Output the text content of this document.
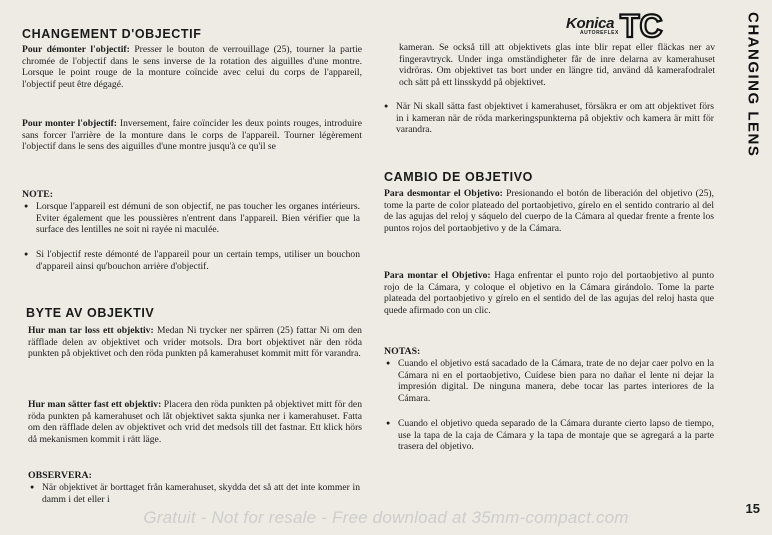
CHANGEMENT D'OBJECTIF

Pour démonter l'objectif: Presser le bouton de verrouillage (25), tourner la partie chromée de l'objectif dans le sens inverse de la rotation des aiguilles d'une montre. Lorsque le point rouge de la monture coïncide avec celui du corps de l'appareil, l'objectif peut être dégagé.

Pour monter l'objectif: Inversement, faire coïncider les deux points rouges, introduire sans forcer l'arrière de la monture dans le corps de l'appareil. Tourner légèrement l'objectif dans le sens des aiguilles d'une montre jusqu'à ce qu'il se

NOTE:

● Lorsque l'appareil est démuni de son objectif, ne pas toucher les organes intérieurs. Eviter également que les poussières n'entrent dans l'appareil. Bien vérifier que la surface des lentilles ne soit ni rayée ni maculée.

● Si l'objectif reste démonté de l'appareil pour un certain temps, utiliser un bouchon d'appareil ainsi qu'bouchon arrière d'objectif.

BYTE AV OBJEKTIV

Hur man tar loss ett objektiv: Medan Ni trycker ner spärren (25) fattar Ni om den räfflade delen av objektivet och vrider motsols. Dra bort objektivet när den röda punkten på objektivet och den röda punkten på kamerahuset kommit mitt för varandra.

Hur man sätter fast ett objektiv: Placera den röda punkten på objektivet mitt för den röda punkten på kamerahuset och låt objektivet sakta sjunka ner i kamerahuset. Fatta om den räfflade delen av objektivet och vrid det medsols till det fastnar. Ett klick hörs då mekanismen kommit i rätt läge.

OBSERVERA:

● När objektivet är borttaget från kamerahuset, skydda det så att det inte kommer in damm i det eller i

Konica
AUTOREFLEX TC

kameran. Se också till att objektivets glas inte blir repat eller fläckas ner av fingeravtryck. Under inga omständigheter får de inre delarna av kamerahuset vidröras. Om objektivet tas bort under en längre tid, använd då kamerafodralet och sätt på ett linsskydd på objektivet.

● När Ni skall sätta fast objektivet i kamerahuset, försäkra er om att objektivet förs in i kameran när de röda markeringspunkterna på objektiv och kamera är mitt för varandra.

CAMBIO DE OBJETIVO

Para desmontar el Objetivo: Presionando el botón de liberación del objetivo (25), tome la parte de color plateado del portaobjetivo, gírelo en el sentido contrario al del de las agujas del reloj y sáquelo del cuerpo de la Cámara al quedar frente a frente los puntos rojos del portaobjetivo y de la Cámara.

Para montar el Objetivo: Haga enfrentar el punto rojo del portaobjetivo al punto rojo de la Cámara, y coloque el objetivo en la Cámara girándolo. Tome la parte plateada del portaobjetivo y gírelo en el sentido del de las agujas del reloj hasta que quede afirmado con un clic.

NOTAS:

● Cuando el objetivo está sacadado de la Cámara, trate de no dejar caer polvo en la Cámara ni en el portaobjetivo, Cuídese bien para no dañar el lente ni dejar la impresión digital. De ninguna manera, debe tocar las partes interiores de la Cámara.

● Cuando el objetivo queda separado de la Cámara durante cierto lapso de tiempo, use la tapa de la caja de Cámara y la tapa de montaje que se agregará a la parte trasera del objetivo.

CHANGING LENS
15
Gratuit - Not for resale - Free download at 35mm-compact.com
